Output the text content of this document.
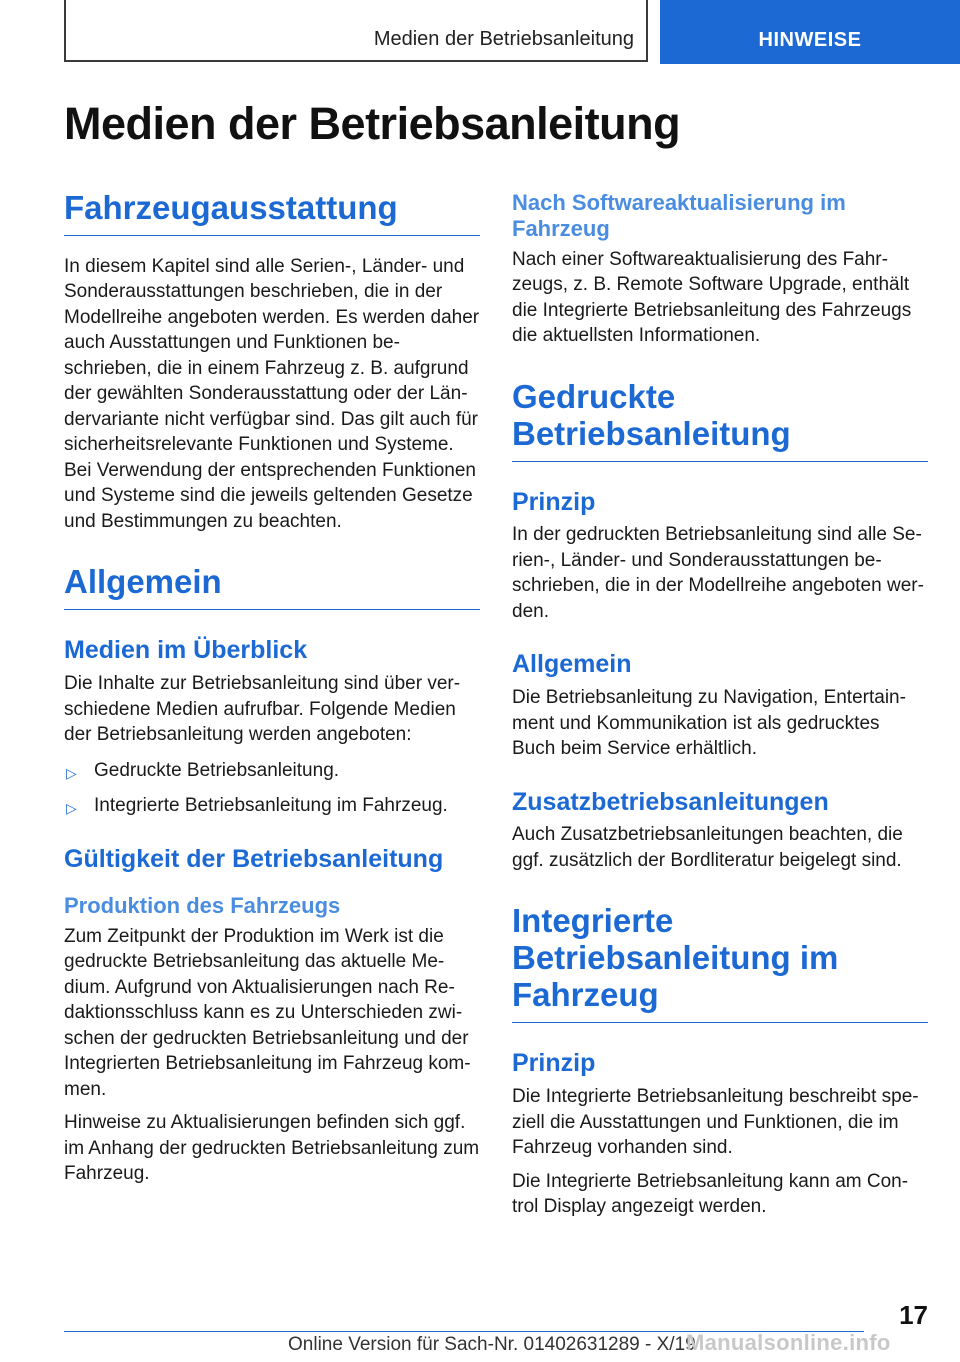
Medien der Betriebsanleitung	HINWEISE
Medien der Betriebsanleitung
Fahrzeugausstattung

In diesem Kapitel sind alle Serien-, Länder- und Sonderausstattungen beschrieben, die in der Modellreihe angeboten werden. Es werden daher auch Ausstattungen und Funktionen beschrieben, die in einem Fahrzeug z. B. aufgrund der gewählten Sonderausstattung oder der Ländervariante nicht verfügbar sind. Das gilt auch für sicherheitsrelevante Funktionen und Systeme. Bei Verwendung der entsprechenden Funktionen und Systeme sind die jeweils geltenden Gesetze und Bestimmungen zu beachten.

Allgemein
Medien im Überblick

Die Inhalte zur Betriebsanleitung sind über verschiedene Medien aufrufbar. Folgende Medien der Betriebsanleitung werden angeboten:

▷ Gedruckte Betriebsanleitung.
▷ Integrierte Betriebsanleitung im Fahrzeug.
Gültigkeit der Betriebsanleitung
Produktion des Fahrzeugs

Zum Zeitpunkt der Produktion im Werk ist die gedruckte Betriebsanleitung das aktuelle Medium. Aufgrund von Aktualisierungen nach Redaktionsschluss kann es zu Unterschieden zwischen der gedruckten Betriebsanleitung und der Integrierten Betriebsanleitung im Fahrzeug kommen.

Hinweise zu Aktualisierungen befinden sich ggf. im Anhang der gedruckten Betriebsanleitung zum Fahrzeug.

Nach Softwareaktualisierung im Fahrzeug

Nach einer Softwareaktualisierung des Fahrzeugs, z. B. Remote Software Upgrade, enthält die Integrierte Betriebsanleitung des Fahrzeugs die aktuellsten Informationen.

Gedruckte Betriebsanleitung
Prinzip

In der gedruckten Betriebsanleitung sind alle Serien-, Länder- und Sonderausstattungen beschrieben, die in der Modellreihe angeboten werden.

Allgemein

Die Betriebsanleitung zu Navigation, Entertainment und Kommunikation ist als gedrucktes Buch beim Service erhältlich.

Zusatzbetriebsanleitungen

Auch Zusatzbetriebsanleitungen beachten, die ggf. zusätzlich der Bordliteratur beigelegt sind.

Integrierte Betriebsanleitung im Fahrzeug
Prinzip

Die Integrierte Betriebsanleitung beschreibt speziell die Ausstattungen und Funktionen, die im Fahrzeug vorhanden sind.

Die Integrierte Betriebsanleitung kann am Control Display angezeigt werden.

17
Online Version für Sach-Nr. 01402631289 - X/19
Manualsonline.info
